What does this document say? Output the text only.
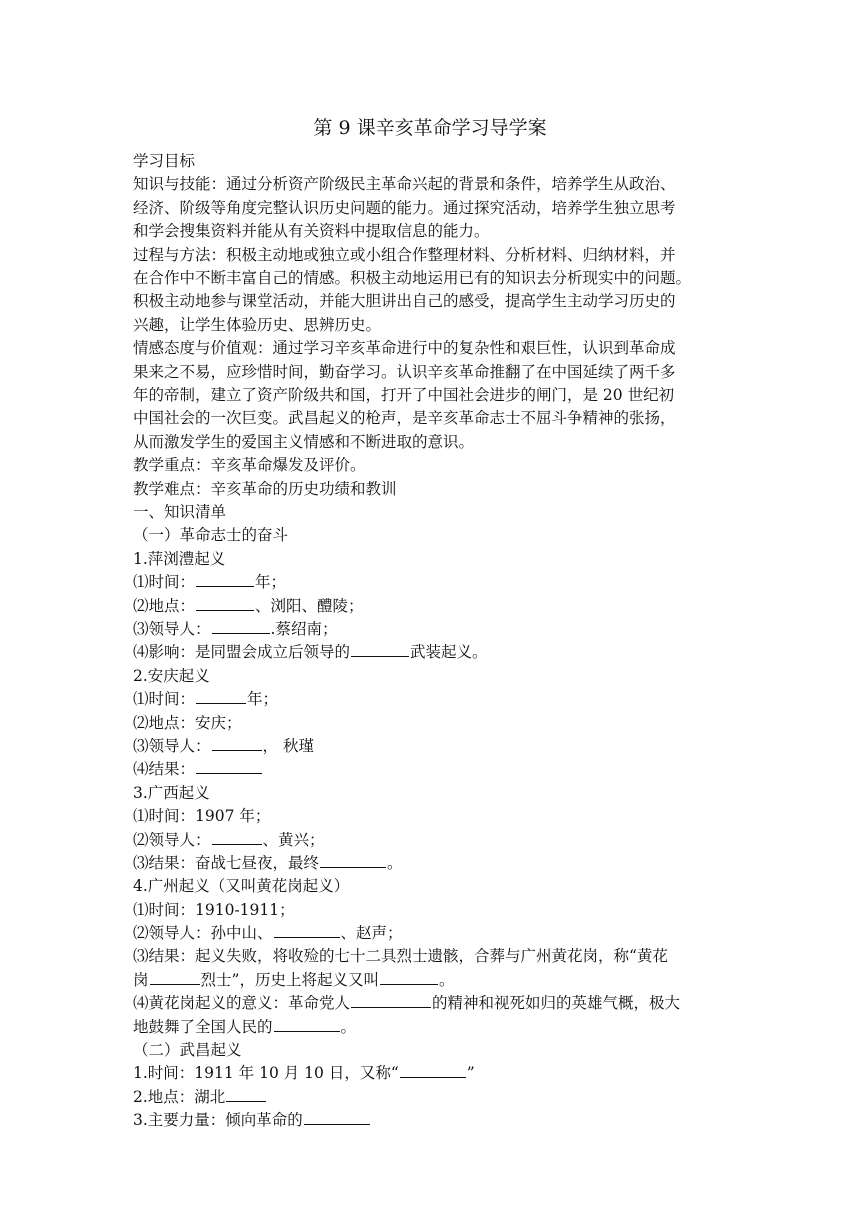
第 9 课辛亥革命学习导学案
学习目标
知识与技能：通过分析资产阶级民主革命兴起的背景和条件，培养学生从政治、
经济、阶级等角度完整认识历史问题的能力。通过探究活动，培养学生独立思考
和学会搜集资料并能从有关资料中提取信息的能力。
过程与方法：积极主动地或独立或小组合作整理材料、分析材料、归纳材料，并
在合作中不断丰富自己的情感。积极主动地运用已有的知识去分析现实中的问题。
积极主动地参与课堂活动，并能大胆讲出自己的感受，提高学生主动学习历史的
兴趣，让学生体验历史、思辨历史。
情感态度与价值观：通过学习辛亥革命进行中的复杂性和艰巨性，认识到革命成
果来之不易，应珍惜时间，勤奋学习。认识辛亥革命推翻了在中国延续了两千多
年的帝制，建立了资产阶级共和国，打开了中国社会进步的闸门，是 20 世纪初
中国社会的一次巨变。武昌起义的枪声，是辛亥革命志士不屈斗争精神的张扬，
从而激发学生的爱国主义情感和不断进取的意识。
教学重点：辛亥革命爆发及评价。
教学难点：辛亥革命的历史功绩和教训
一、知识清单
（一）革命志士的奋斗
1.萍浏澧起义
⑴时间：	年；
⑵地点：	、浏阳、醴陵；
⑶领导人：	.蔡绍南；
⑷影响：是同盟会成立后领导的	武装起义。
2.安庆起义
⑴时间：	年；
⑵地点：安庆；
⑶领导人：	， 秋瑾
⑷结果：
3.广西起义
⑴时间：1907 年；
⑵领导人：	、黄兴；
⑶结果：奋战七昼夜，最终	。
4.广州起义（又叫黄花岗起义）
⑴时间：1910-1911；
⑵领导人：孙中山、	、赵声；
⑶结果：起义失败，将收殓的七十二具烈士遗骸，合葬与广州黄花岗，称“黄花
岗	烈士”，历史上将起义又叫	。
⑷黄花岗起义的意义：革命党人	的精神和视死如归的英雄气概，极大
地鼓舞了全国人民的	。
（二）武昌起义
1.时间：1911 年 10 月 10 日，又称“	”
2.地点：湖北
3.主要力量：倾向革命的
